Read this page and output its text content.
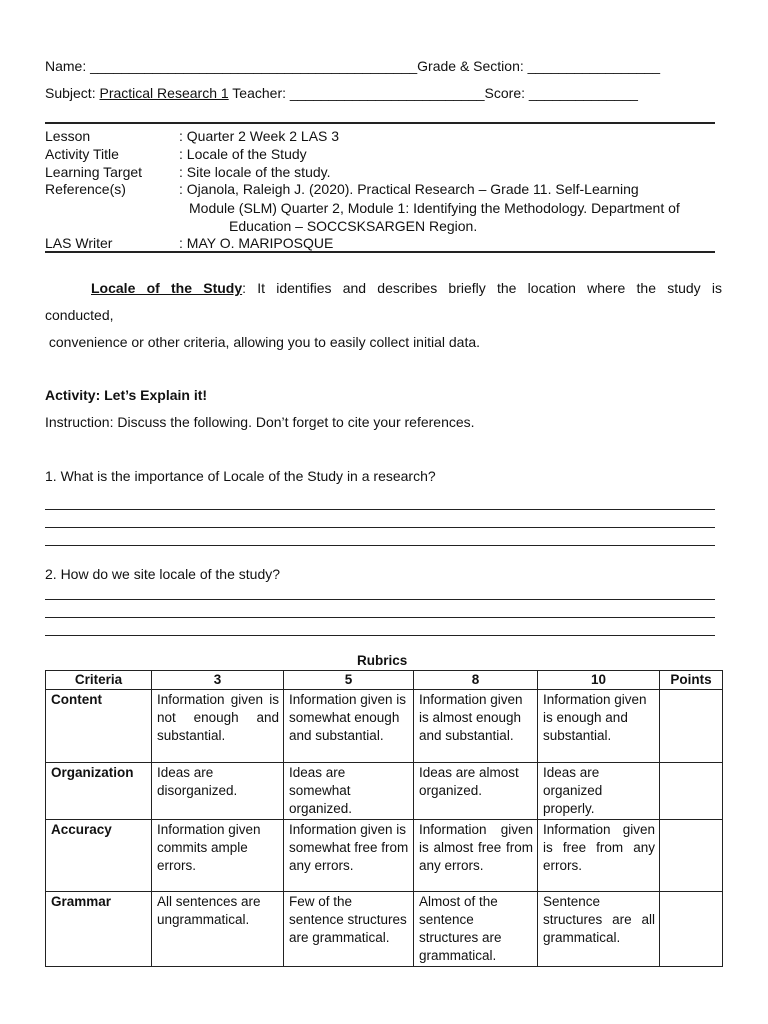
Name: __________________________________________Grade & Section: _________________
Subject: Practical Research 1 Teacher: _________________________Score: ______________
Lesson	: Quarter 2 Week 2 LAS 3
Activity Title	: Locale of the Study
Learning Target	: Site locale of the study.
Reference(s)	: Ojanola, Raleigh J. (2020). Practical Research – Grade 11. Self-Learning
Module (SLM) Quarter 2, Module 1: Identifying the Methodology. Department of
Education – SOCCSKSARGEN Region.
LAS Writer	: MAY O. MARIPOSQUE
Locale of the Study: It identifies and describes briefly the location where the study is
conducted,
convenience or other criteria, allowing you to easily collect initial data.
Activity: Let’s Explain it!
Instruction: Discuss the following. Don’t forget to cite your references.
1. What is the importance of Locale of the Study in a research?
2. How do we site locale of the study?
Rubrics
Criteria	3	5	8	10	Points
Content	Information given is not enough and substantial.	Information given is somewhat enough and substantial.	Information given is almost enough and substantial.	Information given is enough and substantial.	
Organization	Ideas are disorganized.	Ideas are somewhat organized.	Ideas are almost organized.	Ideas are organized properly.	
Accuracy	Information given commits ample errors.	Information given is somewhat free from any errors.	Information given is almost free from any errors.	Information given is free from any errors.	
Grammar	All sentences are ungrammatical.	Few of the sentence structures are grammatical.	Almost of the sentence structures are grammatical.	Sentence structures are all grammatical.	
